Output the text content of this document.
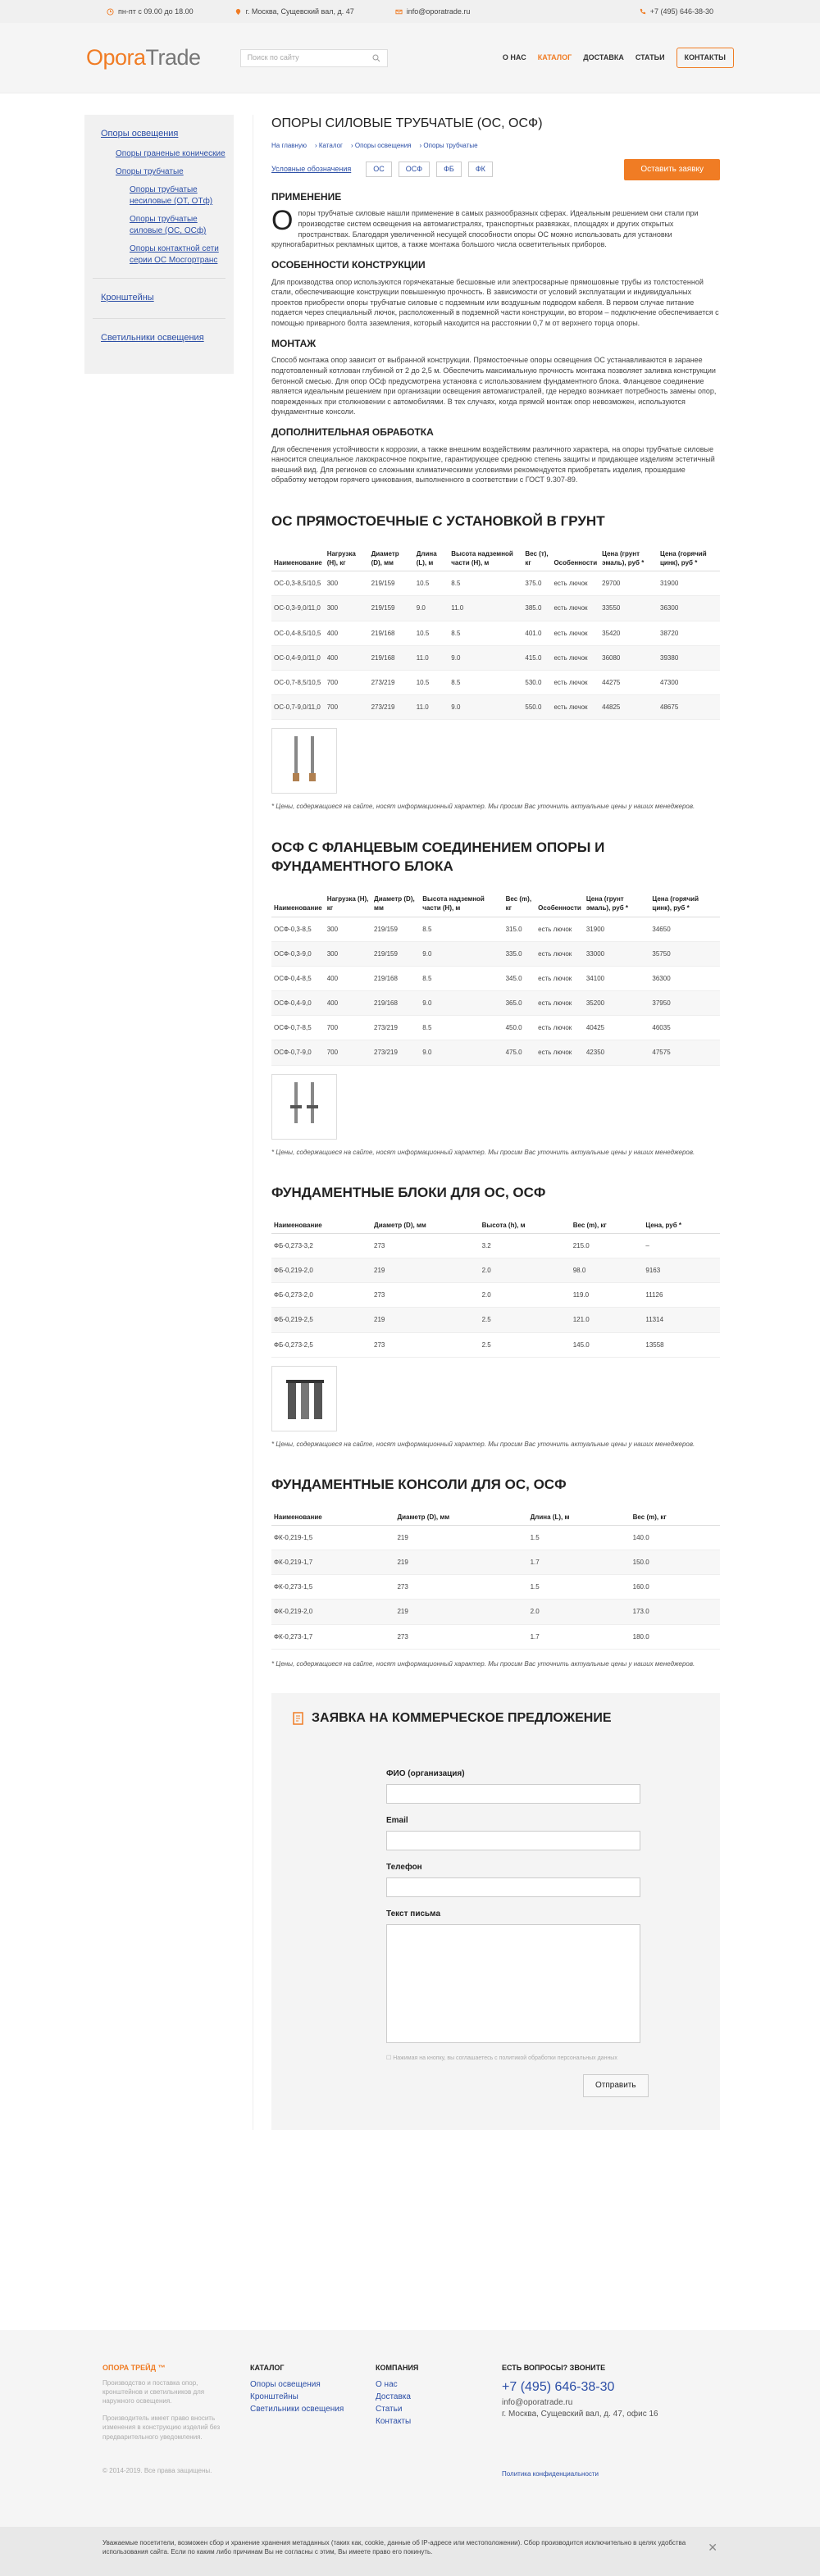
пн-пт с 09.00 до 18.00	г. Москва, Сущевский вал, д. 47	info@oporatrade.ru	+7 (495) 646-38-30
OporaTrade	Поиск по сайту	О НАС КАТАЛОГ ДОСТАВКА СТАТЬИ	КОНТАКТЫ
Опоры освещения
Опоры граненые конические
Опоры трубчатые
Опоры трубчатые несиловые (ОТ, ОТф)
Опоры трубчатые силовые (ОС, ОСф)
Опоры контактной сети серии ОС Мосгортранс
Кронштейны
Светильники освещения
ОПОРЫ СИЛОВЫЕ ТРУБЧАТЫЕ (ОС, ОСФ)
На главную › Каталог › Опоры освещения › Опоры трубчатые
Условные обозначения	ОС	ОСФ	ФБ	ФК	Оставить заявку
ПРИМЕНЕНИЕ

Опоры трубчатые силовые нашли применение в самых разнообразных сферах. Идеальным решением они стали при производстве систем освещения на автомагистралях, транспортных развязках, площадях и других открытых пространствах. Благодаря увеличенной несущей способности опоры ОС можно использовать для установки крупногабаритных рекламных щитов, а также монтажа большого числа осветительных приборов.

ОСОБЕННОСТИ КОНСТРУКЦИИ

Для производства опор используются горячекатаные бесшовные или электросварные прямошовные трубы из толстостенной стали, обеспечивающие конструкции повышенную прочность. В зависимости от условий эксплуатации и индивидуальных проектов приобрести опоры трубчатые силовые с подземным или воздушным подводом кабеля. В первом случае питание подается через специальный лючок, расположенный в подземной части конструкции, во втором – подключение обеспечивается с помощью приварного болта заземления, который находится на расстоянии 0,7 м от верхнего торца опоры.

МОНТАЖ

Способ монтажа опор зависит от выбранной конструкции. Прямостоечные опоры освещения ОС устанавливаются в заранее подготовленный котлован глубиной от 2 до 2,5 м. Обеспечить максимальную прочность монтажа позволяет заливка конструкции бетонной смесью. Для опор ОСф предусмотрена установка с использованием фундаментного блока. Фланцевое соединение является идеальным решением при организации освещения автомагистралей, где нередко возникает потребность замены опор, поврежденных при столкновении с автомобилями. В тех случаях, когда прямой монтаж опор невозможен, используются фундаментные консоли.

ДОПОЛНИТЕЛЬНАЯ ОБРАБОТКА

Для обеспечения устойчивости к коррозии, а также внешним воздействиям различного характера, на опоры трубчатые силовые наносится специальное лакокрасочное покрытие, гарантирующее среднюю степень защиты и придающее изделиям эстетичный внешний вид. Для регионов со сложными климатическими условиями рекомендуется приобретать изделия, прошедшие обработку методом горячего цинкования, выполненного в соответствии с ГОСТ 9.307-89.

ОС ПРЯМОСТОЕЧНЫЕ С УСТАНОВКОЙ В ГРУНТ
Наименование	Нагрузка (Н), кг	Диаметр (D), мм	Длина (L), м	Высота надземной части (H), м	Вес (т), кг	Особенности	Цена (грунт эмаль), руб *	Цена (горячий цинк), руб *
ОС-0,3-8,5/10,5	300	219/159	10.5	8.5	375.0	есть лючок	29700	31900
ОС-0,3-9,0/11,0	300	219/159	9.0	11.0	385.0	есть лючок	33550	36300
ОС-0,4-8,5/10,5	400	219/168	10.5	8.5	401.0	есть лючок	35420	38720
ОС-0,4-9,0/11,0	400	219/168	11.0	9.0	415.0	есть лючок	36080	39380
ОС-0,7-8,5/10,5	700	273/219	10.5	8.5	530.0	есть лючок	44275	47300
ОС-0,7-9,0/11,0	700	273/219	11.0	9.0	550.0	есть лючок	44825	48675
* Цены, содержащиеся на сайте, носят информационный характер. Мы просим Вас уточнить актуальные цены у наших менеджеров.
ОСФ С ФЛАНЦЕВЫМ СОЕДИНЕНИЕМ ОПОРЫ И ФУНДАМЕНТНОГО БЛОКА
Наименование	Нагрузка (Н), кг	Диаметр (D), мм	Высота надземной части (H), м	Вес (m), кг	Особенности	Цена (грунт эмаль), руб *	Цена (горячий цинк), руб *
ОСФ-0,3-8,5	300	219/159	8.5	315.0	есть лючок	31900	34650
ОСФ-0,3-9,0	300	219/159	9.0	335.0	есть лючок	33000	35750
ОСФ-0,4-8,5	400	219/168	8.5	345.0	есть лючок	34100	36300
ОСФ-0,4-9,0	400	219/168	9.0	365.0	есть лючок	35200	37950
ОСФ-0,7-8,5	700	273/219	8.5	450.0	есть лючок	40425	46035
ОСФ-0,7-9,0	700	273/219	9.0	475.0	есть лючок	42350	47575
* Цены, содержащиеся на сайте, носят информационный характер. Мы просим Вас уточнить актуальные цены у наших менеджеров.
ФУНДАМЕНТНЫЕ БЛОКИ ДЛЯ ОС, ОСФ
Наименование	Диаметр (D), мм	Высота (h), м	Вес (m), кг	Цена, руб *
ФБ-0,273-3,2	273	3.2	215.0	–
ФБ-0,219-2,0	219	2.0	98.0	9163
ФБ-0,273-2,0	273	2.0	119.0	11126
ФБ-0,219-2,5	219	2.5	121.0	11314
ФБ-0,273-2,5	273	2.5	145.0	13558
* Цены, содержащиеся на сайте, носят информационный характер. Мы просим Вас уточнить актуальные цены у наших менеджеров.
ФУНДАМЕНТНЫЕ КОНСОЛИ ДЛЯ ОС, ОСФ
Наименование	Диаметр (D), мм	Длина (L), м	Вес (m), кг
ФК-0,219-1,5	219	1.5	140.0
ФК-0,219-1,7	219	1.7	150.0
ФК-0,273-1,5	273	1.5	160.0
ФК-0,219-2,0	219	2.0	173.0
ФК-0,273-1,7	273	1.7	180.0
* Цены, содержащиеся на сайте, носят информационный характер. Мы просим Вас уточнить актуальные цены у наших менеджеров.
ЗАЯВКА НА КОММЕРЧЕСКОЕ ПРЕДЛОЖЕНИЕ
ФИО (организация)
Email
Телефон
Текст письма
☐ Нажимая на кнопку, вы соглашаетесь с политикой обработки персональных данных
Отправить
ОПОРА ТРЕЙД ™
Производство и поставка опор, кронштейнов и светильников для наружного освещения.
Производитель имеет право вносить изменения в конструкцию изделий без предварительного уведомления.
© 2014-2019. Все права защищены.
КАТАЛОГ
Опоры освещения
Кронштейны
Светильники освещения
КОМПАНИЯ
О нас
Доставка
Статьи
Контакты
ЕСТЬ ВОПРОСЫ? ЗВОНИТЕ
+7 (495) 646-38-30
info@oporatrade.ru
г. Москва, Сущевский вал, д. 47, офис 16
Политика конфиденциальности
Уважаемые посетители, возможен сбор и хранение хранения метаданных (таких как, cookie, данные об IP-адресе или местоположении). Сбор производится исключительно в целях удобства использования сайта. Если по каким либо причинам Вы не согласны с этим, Вы имеете право его покинуть.	✕
